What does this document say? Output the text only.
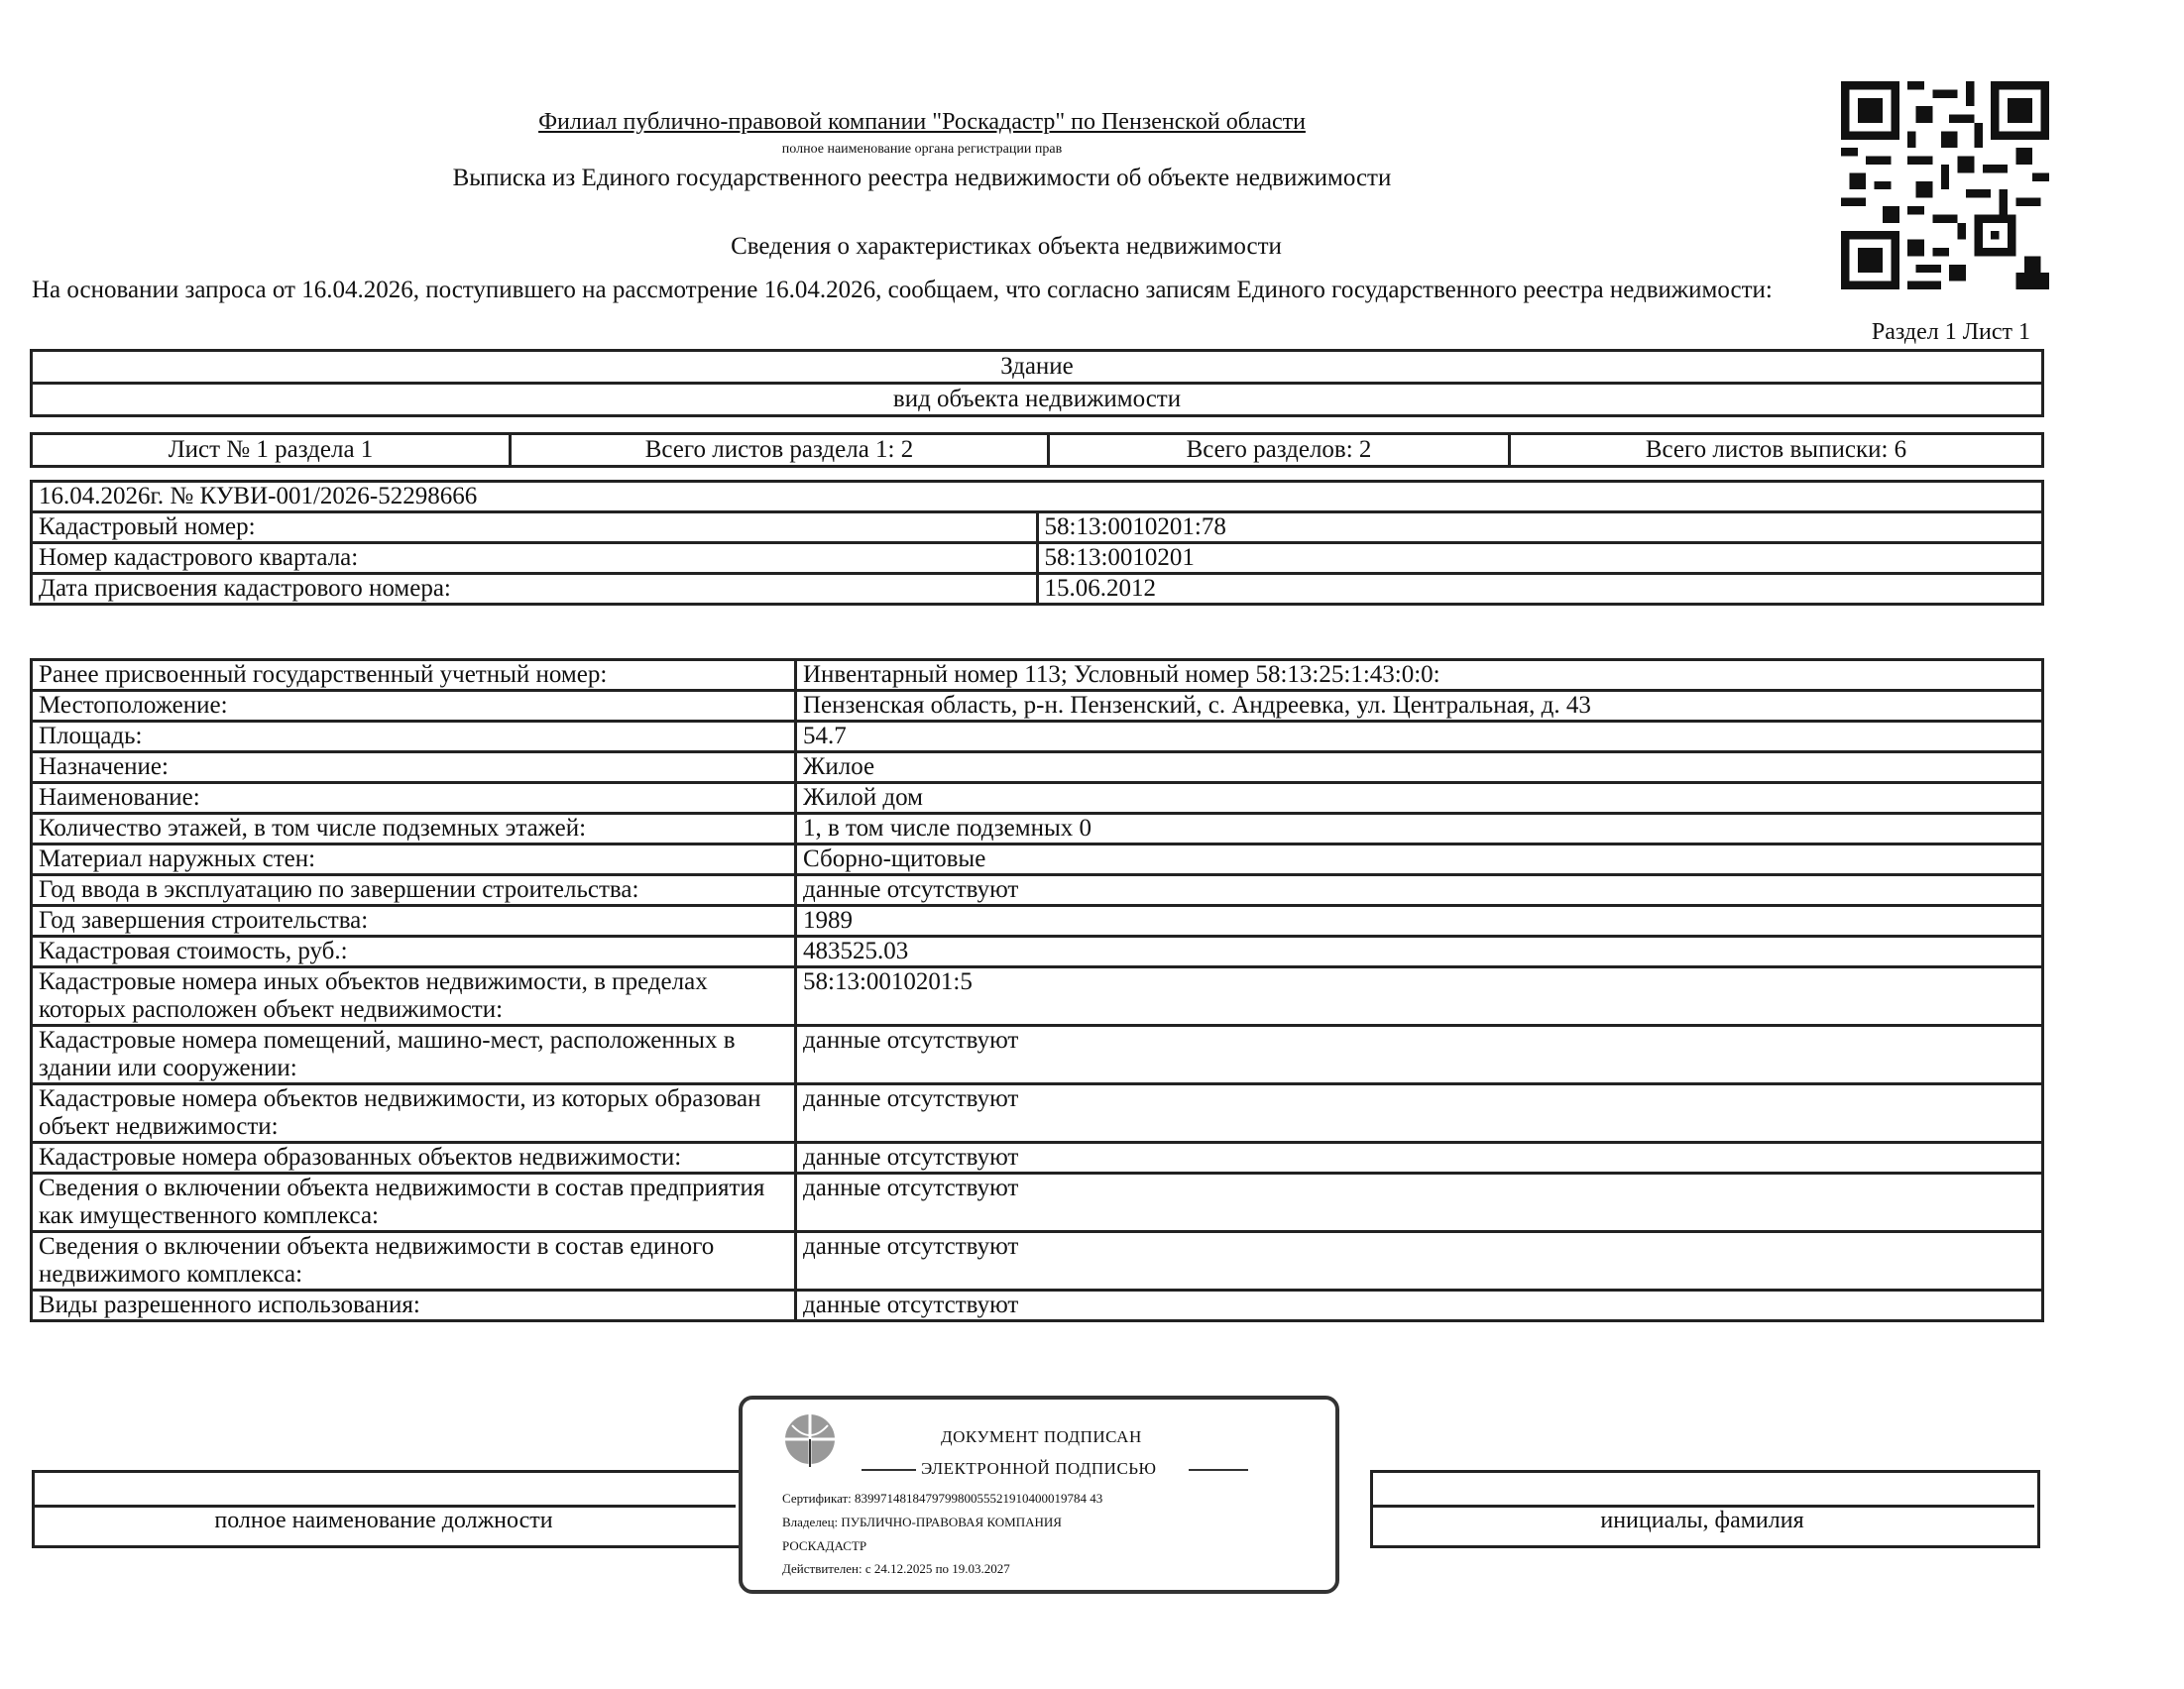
Филиал публично-правовой компании "Роскадастр" по Пензенской области
полное наименование органа регистрации прав
Выписка из Единого государственного реестра недвижимости об объекте недвижимости
Сведения о характеристиках объекта недвижимости
На основании запроса от 16.04.2026, поступившего на рассмотрение 16.04.2026, сообщаем, что согласно записям Единого государственного реестра недвижимости:
Раздел 1 Лист 1
Здание
вид объекта недвижимости
Лист № 1 раздела 1	Всего листов раздела 1: 2	Всего разделов: 2	Всего листов выписки: 6
16.04.2026г. № КУВИ-001/2026-52298666	
Кадастровый номер:	58:13:0010201:78
Номер кадастрового квартала:	58:13:0010201
Дата присвоения кадастрового номера:	15.06.2012
Ранее присвоенный государственный учетный номер:	Инвентарный номер 113; Условный номер 58:13:25:1:43:0:0:
Местоположение:	Пензенская область, р-н. Пензенский, с. Андреевка, ул. Центральная, д. 43
Площадь:	54.7
Назначение:	Жилое
Наименование:	Жилой дом
Количество этажей, в том числе подземных этажей:	1, в том числе подземных 0
Материал наружных стен:	Сборно-щитовые
Год ввода в эксплуатацию по завершении строительства:	данные отсутствуют
Год завершения строительства:	1989
Кадастровая стоимость, руб.:	483525.03
Кадастровые номера иных объектов недвижимости, в пределах которых расположен объект недвижимости:	58:13:0010201:5
Кадастровые номера помещений, машино-мест, расположенных в здании или сооружении:	данные отсутствуют
Кадастровые номера объектов недвижимости, из которых образован объект недвижимости:	данные отсутствуют
Кадастровые номера образованных объектов недвижимости:	данные отсутствуют
Сведения о включении объекта недвижимости в состав предприятия как имущественного комплекса:	данные отсутствуют
Сведения о включении объекта недвижимости в состав единого недвижимого комплекса:	данные отсутствуют
Виды разрешенного использования:	данные отсутствуют
полное наименование должности	инициалы, фамилия
ДОКУМЕНТ ПОДПИСАН
ЭЛЕКТРОННОЙ ПОДПИСЬЮ
Сертификат: 839971481847979980055521910400019784 43
Владелец: ПУБЛИЧНО-ПРАВОВАЯ КОМПАНИЯ
РОСКАДАСТР
Действителен: с 24.12.2025 по 19.03.2027
